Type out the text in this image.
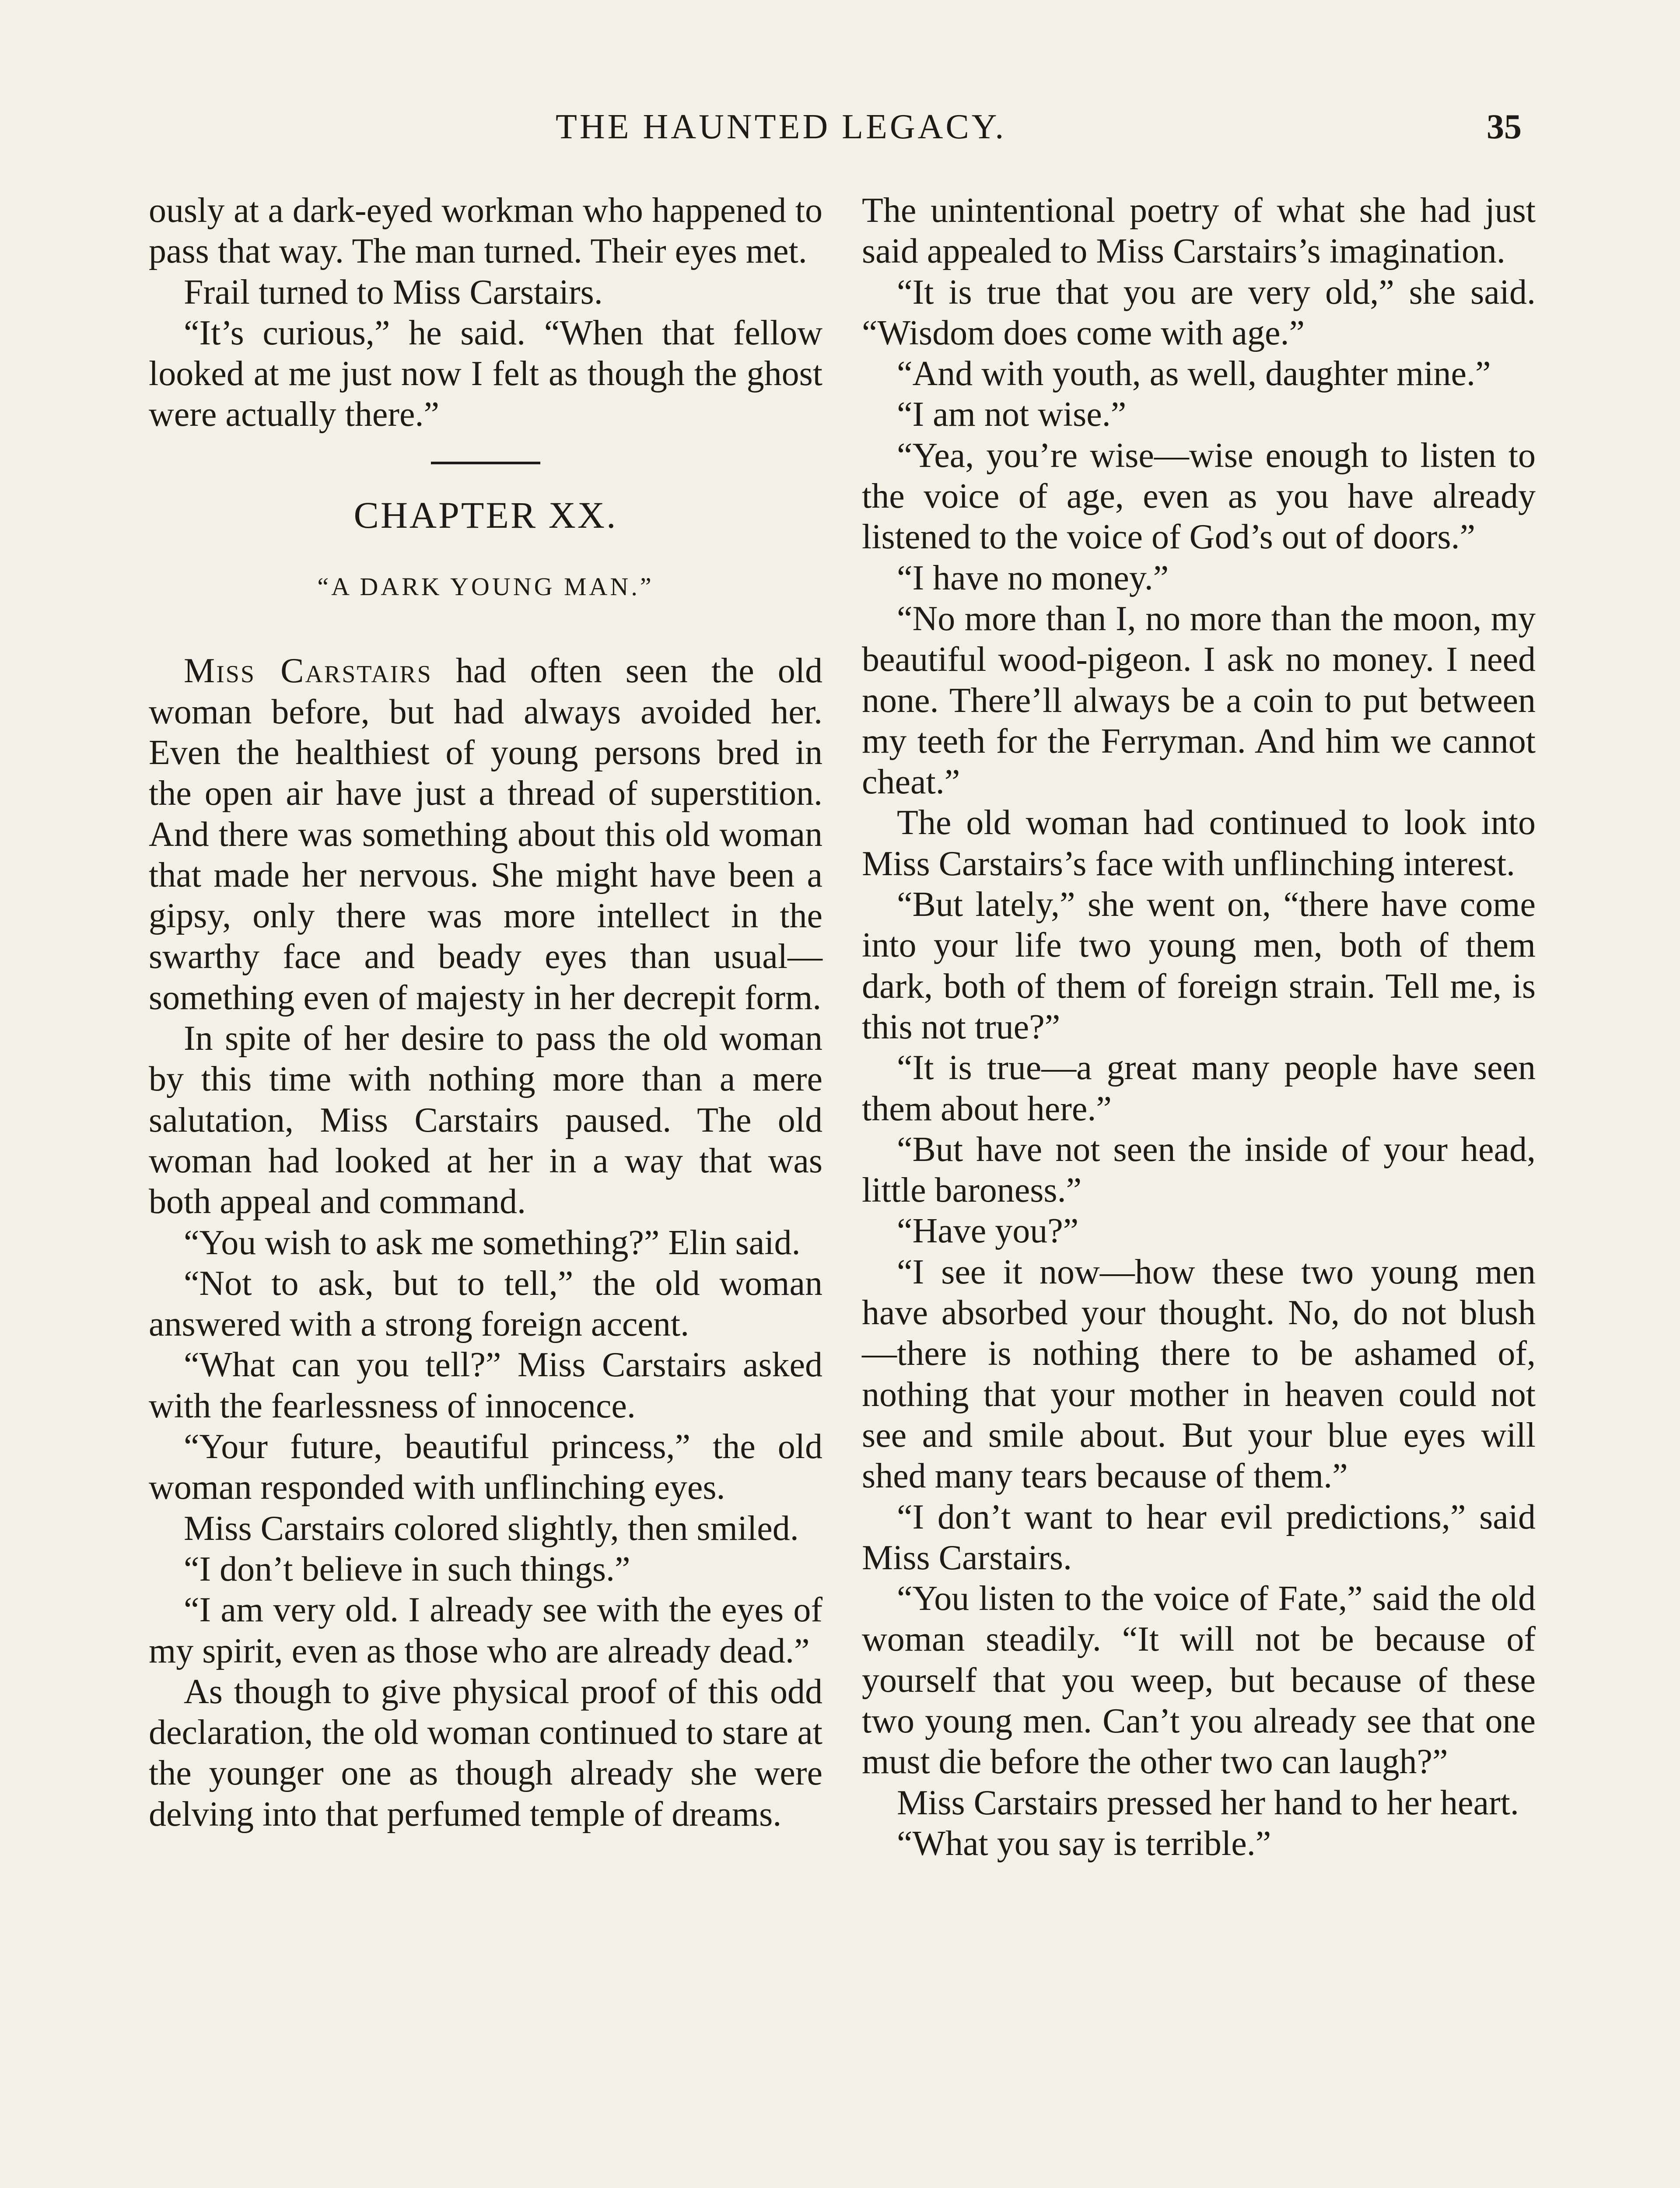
THE HAUNTED LEGACY.	35

ously at a dark-eyed workman who happened to pass that way. The man turned. Their eyes met.

Frail turned to Miss Carstairs.

“It’s curious,” he said. “When that fellow looked at me just now I felt as though the ghost were actually there.”

CHAPTER XX.
“A DARK YOUNG MAN.”

Miss Carstairs had often seen the old woman before, but had always avoided her. Even the healthiest of young persons bred in the open air have just a thread of superstition. And there was something about this old woman that made her nervous. She might have been a gipsy, only there was more intellect in the swarthy face and beady eyes than usual—something even of majesty in her decrepit form.

In spite of her desire to pass the old woman by this time with nothing more than a mere salutation, Miss Carstairs paused. The old woman had looked at her in a way that was both appeal and command.

“You wish to ask me something?” Elin said.

“Not to ask, but to tell,” the old woman answered with a strong foreign accent.

“What can you tell?” Miss Carstairs asked with the fearlessness of innocence.

“Your future, beautiful princess,” the old woman responded with unflinching eyes.

Miss Carstairs colored slightly, then smiled.

“I don’t believe in such things.”

“I am very old. I already see with the eyes of my spirit, even as those who are already dead.”

As though to give physical proof of this odd declaration, the old woman continued to stare at the younger one as though already she were delving into that perfumed temple of dreams.

The unintentional poetry of what she had just said appealed to Miss Carstairs’s imagination.

“It is true that you are very old,” she said. “Wisdom does come with age.”

“And with youth, as well, daughter mine.”

“I am not wise.”

“Yea, you’re wise—wise enough to listen to the voice of age, even as you have already listened to the voice of God’s out of doors.”

“I have no money.”

“No more than I, no more than the moon, my beautiful wood-pigeon. I ask no money. I need none. There’ll always be a coin to put between my teeth for the Ferryman. And him we cannot cheat.”

The old woman had continued to look into Miss Carstairs’s face with unflinching interest.

“But lately,” she went on, “there have come into your life two young men, both of them dark, both of them of foreign strain. Tell me, is this not true?”

“It is true—a great many people have seen them about here.”

“But have not seen the inside of your head, little baroness.”

“Have you?”

“I see it now—how these two young men have absorbed your thought. No, do not blush—there is nothing there to be ashamed of, nothing that your mother in heaven could not see and smile about. But your blue eyes will shed many tears because of them.”

“I don’t want to hear evil predictions,” said Miss Carstairs.

“You listen to the voice of Fate,” said the old woman steadily. “It will not be because of yourself that you weep, but because of these two young men. Can’t you already see that one must die before the other two can laugh?”

Miss Carstairs pressed her hand to her heart.

“What you say is terrible.”
